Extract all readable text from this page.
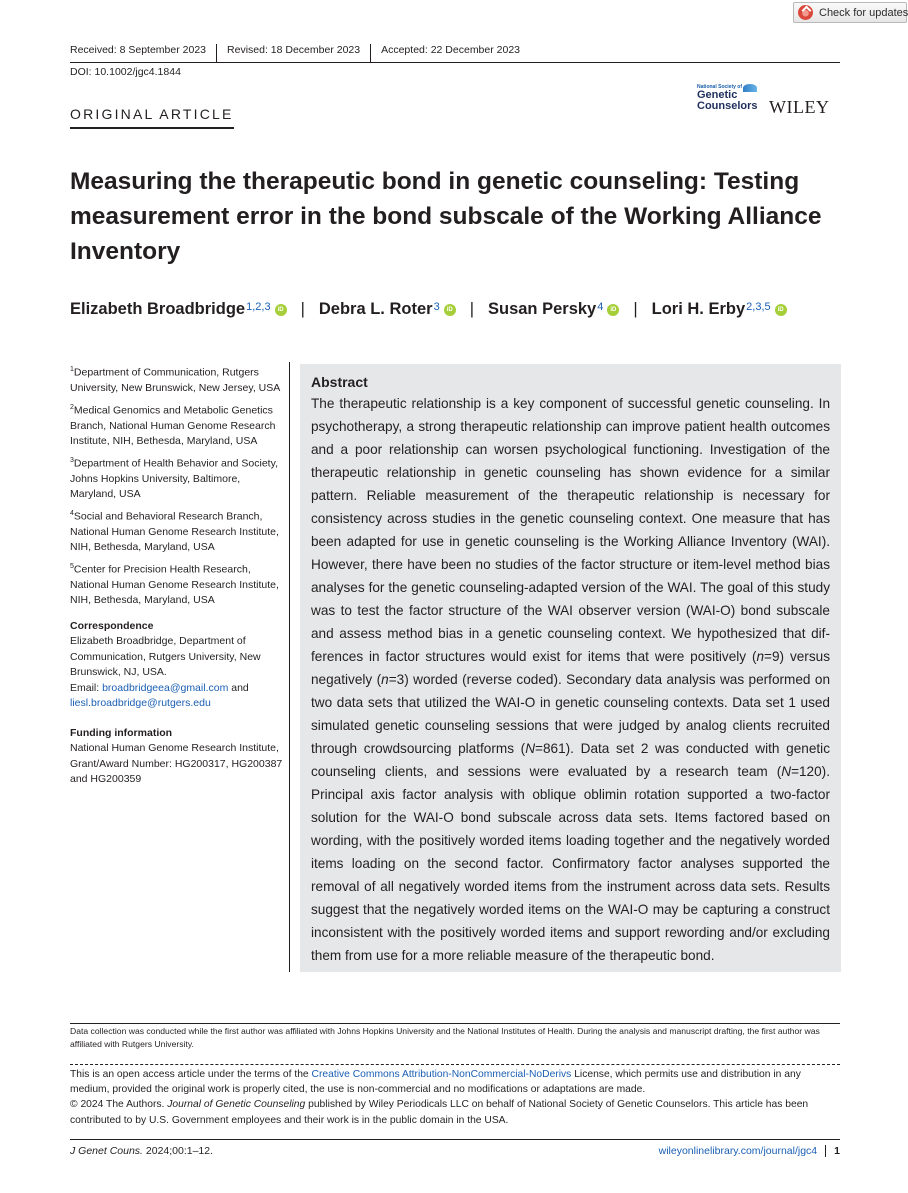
Check for updates
Received: 8 September 2023	Revised: 18 December 2023	Accepted: 22 December 2023
DOI: 10.1002/jgc4.1844
ORIGINAL ARTICLE
National Society of
Genetic
Counselors WILEY
Measuring the therapeutic bond in genetic counseling: Testing measurement error in the bond subscale of the Working Alliance Inventory
Elizabeth Broadbridge$^{1,2,3}$	iD | Debra L. Roter$^3$	iD | Susan Persky$^4$	iD | Lori H. Erby$^{2,3,5}$	iD
$^1$Department of Communication, Rutgers University, New Brunswick, New Jersey, USA
$^2$Medical Genomics and Metabolic Genetics Branch, National Human Genome Research Institute, NIH, Bethesda, Maryland, USA
$^3$Department of Health Behavior and Society, Johns Hopkins University, Baltimore, Maryland, USA
$^4$Social and Behavioral Research Branch, National Human Genome Research Institute, NIH, Bethesda, Maryland, USA
$^5$Center for Precision Health Research, National Human Genome Research Institute, NIH, Bethesda, Maryland, USA
Correspondence
Elizabeth Broadbridge, Department of Communication, Rutgers University, New Brunswick, NJ, USA.
Email: broadbridgeea@gmail.com and
liesl.broadbridge@rutgers.edu
Funding information
National Human Genome Research Institute, Grant/Award Number: HG200317, HG200387 and HG200359
Abstract

The therapeutic relationship is a key component of successful genetic counseling. In psychotherapy, a strong therapeutic relationship can improve patient health outcomes and a poor relationship can worsen psychological functioning. Investigation of the therapeutic relationship in genetic counseling has shown evidence for a similar pattern. Reliable measurement of the therapeutic relationship is necessary for consistency across studies in the genetic counseling context. One measure that has been adapted for use in genetic counseling is the Working Alliance Inventory (WAI). However, there have been no studies of the factor structure or item-level method bias analyses for the genetic counseling-adapted version of the WAI. The goal of this study was to test the factor structure of the WAI observer version (WAI-O) bond subscale and assess method bias in a genetic counseling context. We hypothesized that differences in factor structures would exist for items that were positively (n=9) versus negatively (n=3) worded (reverse coded). Secondary data analysis was performed on two data sets that utilized the WAI-O in genetic counseling contexts. Data set 1 used simulated genetic counseling sessions that were judged by analog clients recruited through crowdsourcing platforms (N=861). Data set 2 was conducted with genetic counseling clients, and sessions were evaluated by a research team (N=120). Principal axis factor analysis with oblique oblimin rotation supported a two-factor solution for the WAI-O bond subscale across data sets. Items factored based on wording, with the positively worded items loading together and the negatively worded items loading on the second factor. Confirmatory factor analyses supported the removal of all negatively worded items from the instrument across data sets. Results suggest that the negatively worded items on the WAI-O may be capturing a construct inconsistent with the positively worded items and support rewording and/or excluding them from use for a more reliable measure of the therapeutic bond.

Data collection was conducted while the first author was affiliated with Johns Hopkins University and the National Institutes of Health. During the analysis and manuscript drafting, the first author was affiliated with Rutgers University.
This is an open access article under the terms of the Creative Commons Attribution-NonCommercial-NoDerivs License, which permits use and distribution in any medium, provided the original work is properly cited, the use is non-commercial and no modifications or adaptations are made.
© 2024 The Authors. Journal of Genetic Counseling published by Wiley Periodicals LLC on behalf of National Society of Genetic Counselors. This article has been contributed to by U.S. Government employees and their work is in the public domain in the USA.
J Genet Couns. 2024;00:1–12.	wileyonlinelibrary.com/journal/jgc4	1
